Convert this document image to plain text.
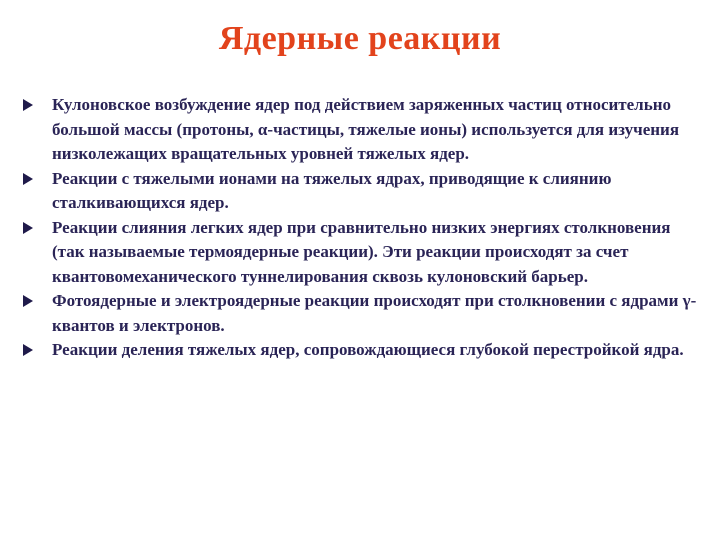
Ядерные реакции
Кулоновское возбуждение ядер под действием заряженных частиц относительно большой массы (протоны, α-частицы, тяжелые ионы) используется для изучения низколежащих вращательных уровней тяжелых ядер.
Реакции с тяжелыми ионами на тяжелых ядрах, приводящие к слиянию сталкивающихся ядер.
Реакции слияния легких ядер при сравнительно низких энергиях столкновения (так называемые термоядерные реакции). Эти реакции происходят за счет квантовомеханического туннелирования сквозь кулоновский барьер.
Фотоядерные и электроядерные реакции происходят при столкновении с ядрами γ-квантов и электронов.
Реакции деления тяжелых ядер, сопровождающиеся глубокой перестройкой ядра.
